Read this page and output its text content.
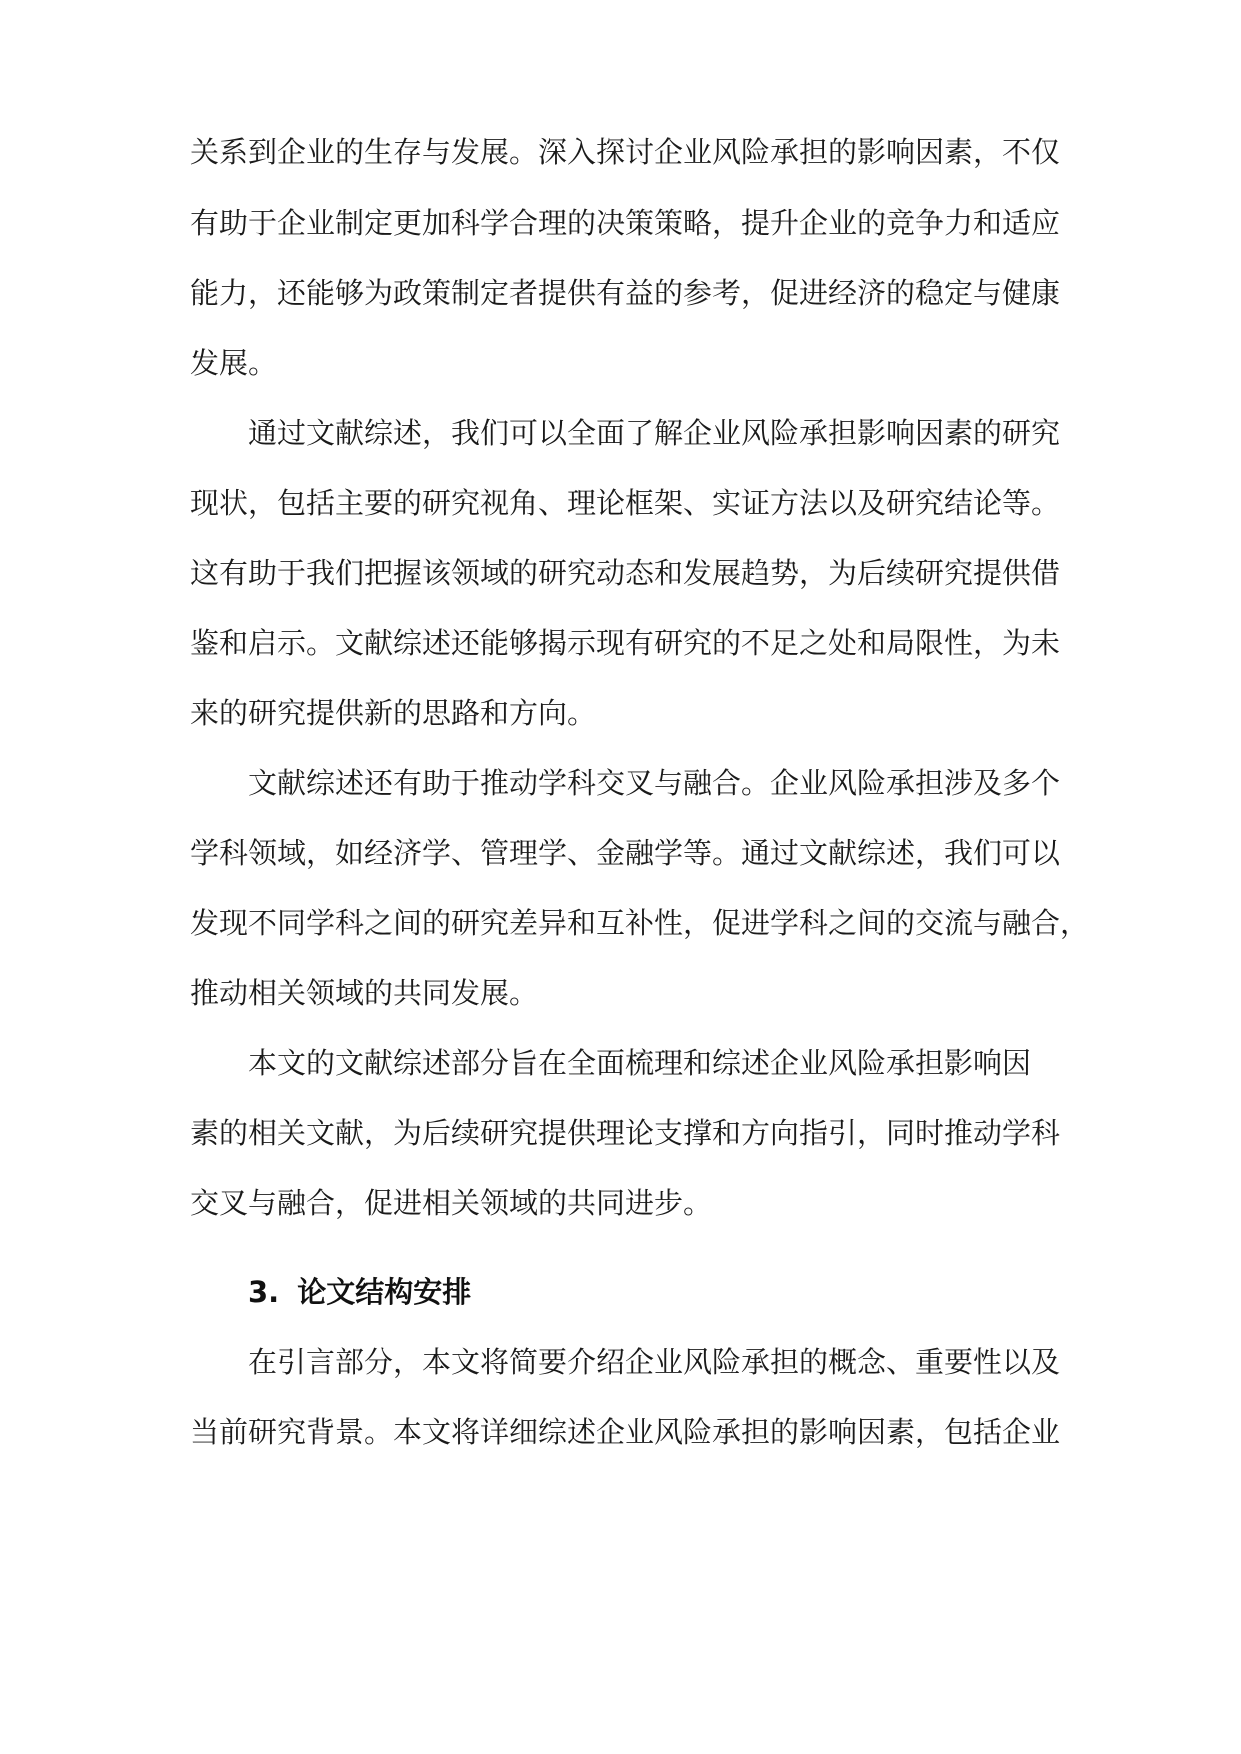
关系到企业的生存与发展。深入探讨企业风险承担的影响因素，不仅
有助于企业制定更加科学合理的决策策略，提升企业的竞争力和适应
能力，还能够为政策制定者提供有益的参考，促进经济的稳定与健康
发展。
通过文献综述，我们可以全面了解企业风险承担影响因素的研究
现状，包括主要的研究视角、理论框架、实证方法以及研究结论等。
这有助于我们把握该领域的研究动态和发展趋势，为后续研究提供借
鉴和启示。文献综述还能够揭示现有研究的不足之处和局限性，为未
来的研究提供新的思路和方向。
文献综述还有助于推动学科交叉与融合。企业风险承担涉及多个
学科领域，如经济学、管理学、金融学等。通过文献综述，我们可以
发现不同学科之间的研究差异和互补性，促进学科之间的交流与融合，
推动相关领域的共同发展。
本文的文献综述部分旨在全面梳理和综述企业风险承担影响因
素的相关文献，为后续研究提供理论支撑和方向指引，同时推动学科
交叉与融合，促进相关领域的共同进步。
3. 论文结构安排
在引言部分，本文将简要介绍企业风险承担的概念、重要性以及
当前研究背景。本文将详细综述企业风险承担的影响因素，包括企业
